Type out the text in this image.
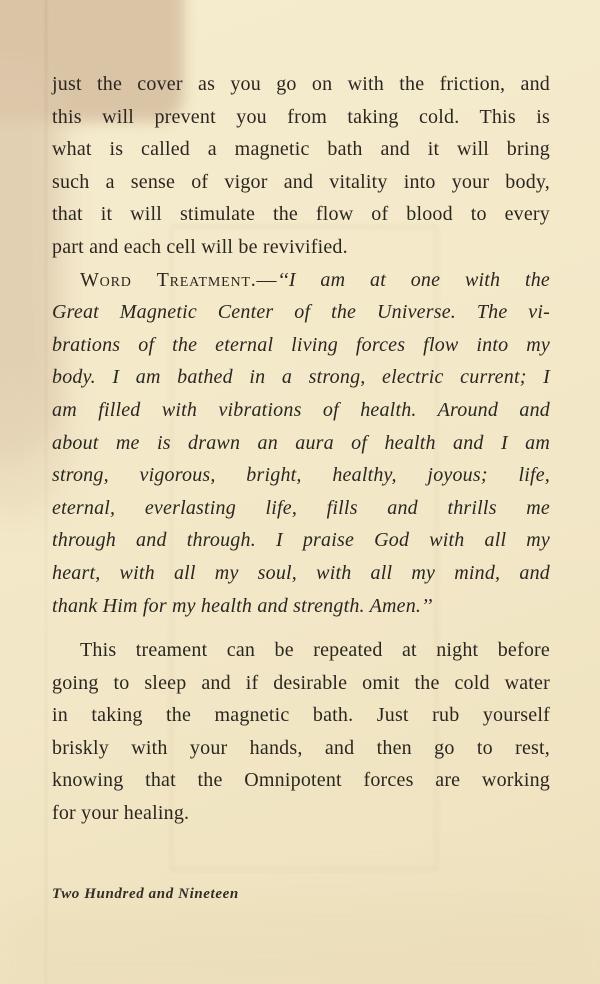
just the cover as you go on with the friction, and
this will prevent you from taking cold. This is
what is called a magnetic bath and it will bring
such a sense of vigor and vitality into your body,
that it will stimulate the flow of blood to every
part and each cell will be revivified.
Word Treatment.—‘‘I am at one with the
Great Magnetic Center of the Universe. The vi-
brations of the eternal living forces flow into my
body. I am bathed in a strong, electric current; I
am filled with vibrations of health. Around and
about me is drawn an aura of health and I am
strong, vigorous, bright, healthy, joyous; life,
eternal, everlasting life, fills and thrills me
through and through. I praise God with all my
heart, with all my soul, with all my mind, and
thank Him for my health and strength. Amen.’’
This treament can be repeated at night before
going to sleep and if desirable omit the cold water
in taking the magnetic bath. Just rub yourself
briskly with your hands, and then go to rest,
knowing that the Omnipotent forces are working
for your healing.
Two Hundred and Nineteen
